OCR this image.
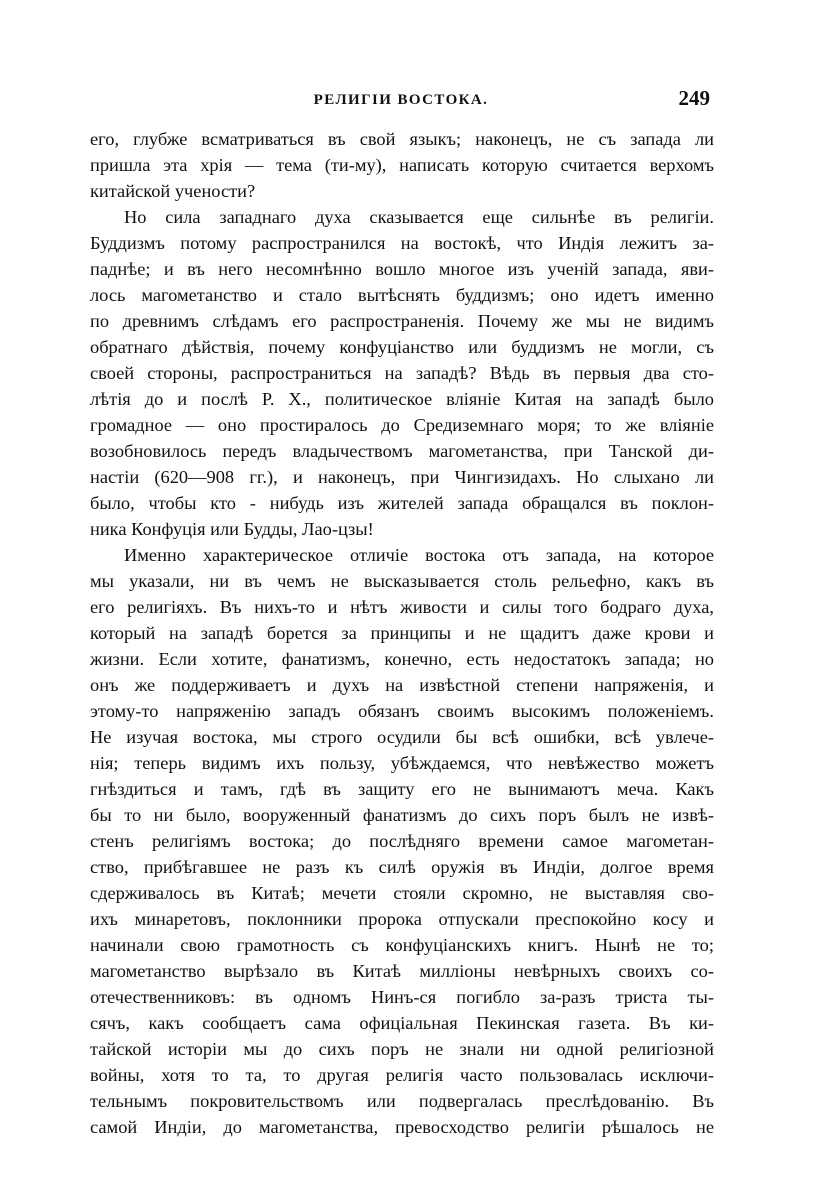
РЕЛИГІИ ВОСТОКА.	249
его, глубже всматриваться въ свой языкъ; наконецъ, не съ запада ли
пришла эта хрія — тема (ти-му), написать которую считается верхомъ
китайской учености?
Но сила западнаго духа сказывается еще сильнѣе въ религіи.
Буддизмъ потому распространился на востокѣ, что Индія лежитъ за-
паднѣе; и въ него несомнѣнно вошло многое изъ ученій запада, яви-
лось магометанство и стало вытѣснять буддизмъ; оно идетъ именно
по древнимъ слѣдамъ его распространенія. Почему же мы не видимъ
обратнаго дѣйствія, почему конфуціанство или буддизмъ не могли, съ
своей стороны, распространиться на западѣ? Вѣдь въ первыя два сто-
лѣтія до и послѣ Р. Х., политическое вліяніе Китая на западѣ было
громадное — оно простиралось до Средиземнаго моря; то же вліяніе
возобновилось передъ владычествомъ магометанства, при Танской ди-
настіи (620—908 гг.), и наконецъ, при Чингизидахъ. Но слыхано ли
было, чтобы кто - нибудь изъ жителей запада обращался въ поклон-
ника Конфуція или Будды, Лао-цзы!
Именно характерическое отличіе востока отъ запада, на которое
мы указали, ни въ чемъ не высказывается столь рельефно, какъ въ
его религіяхъ. Въ нихъ-то и нѣтъ живости и силы того бодраго духа,
который на западѣ борется за принципы и не щадитъ даже крови и
жизни. Если хотите, фанатизмъ, конечно, есть недостатокъ запада; но
онъ же поддерживаетъ и духъ на извѣстной степени напряженія, и
этому-то напряженію западъ обязанъ своимъ высокимъ положеніемъ.
Не изучая востока, мы строго осудили бы всѣ ошибки, всѣ увлече-
нія; теперь видимъ ихъ пользу, убѣждаемся, что невѣжество можетъ
гнѣздиться и тамъ, гдѣ въ защиту его не вынимаютъ меча. Какъ
бы то ни было, вооруженный фанатизмъ до сихъ поръ былъ не извѣ-
стенъ религіямъ востока; до послѣдняго времени самое магометан-
ство, прибѣгавшее не разъ къ силѣ оружія въ Индіи, долгое время
сдерживалось въ Китаѣ; мечети стояли скромно, не выставляя сво-
ихъ минаретовъ, поклонники пророка отпускали преспокойно косу и
начинали свою грамотность съ конфуціанскихъ книгъ. Нынѣ не то;
магометанство вырѣзало въ Китаѣ милліоны невѣрныхъ своихъ со-
отечественниковъ: въ одномъ Нинъ-ся погибло за-разъ триста ты-
сячъ, какъ сообщаетъ сама офиціальная Пекинская газета. Въ ки-
тайской исторіи мы до сихъ поръ не знали ни одной религіозной
войны, хотя то та, то другая религія часто пользовалась исключи-
тельнымъ покровительствомъ или подвергалась преслѣдованію. Въ
самой Индіи, до магометанства, превосходство религіи рѣшалось не
